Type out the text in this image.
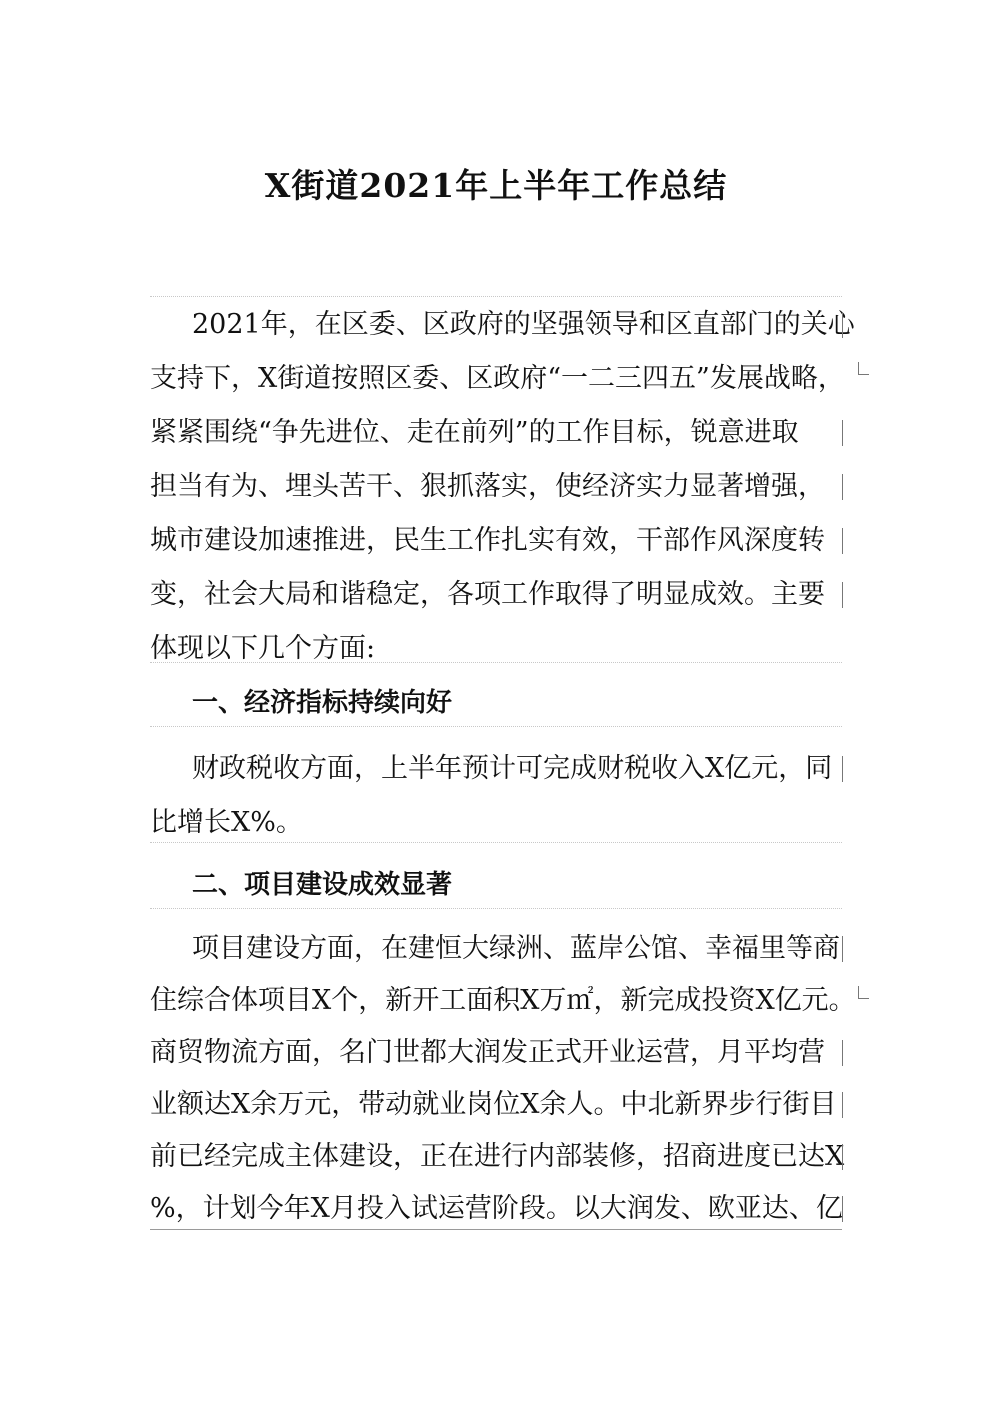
X街道2021年上半年工作总结
2021年，在区委、区政府的坚强领导和区直部门的关心
支持下，X街道按照区委、区政府“一二三四五”发展战略，
紧紧围绕“争先进位、走在前列”的工作目标，锐意进取
担当有为、埋头苦干、狠抓落实，使经济实力显著增强，
城市建设加速推进，民生工作扎实有效，干部作风深度转
变，社会大局和谐稳定，各项工作取得了明显成效。主要
体现以下几个方面:
一、经济指标持续向好
财政税收方面，上半年预计可完成财税收入X亿元，同
比增长X%。
二、项目建设成效显著
项目建设方面，在建恒大绿洲、蓝岸公馆、幸福里等商
住综合体项目X个，新开工面积X万㎡，新完成投资X亿元。
商贸物流方面，名门世都大润发正式开业运营，月平均营
业额达X余万元，带动就业岗位X余人。中北新界步行街目
前已经完成主体建设，正在进行内部装修，招商进度已达X
%，计划今年X月投入试运营阶段。以大润发、欧亚达、亿
